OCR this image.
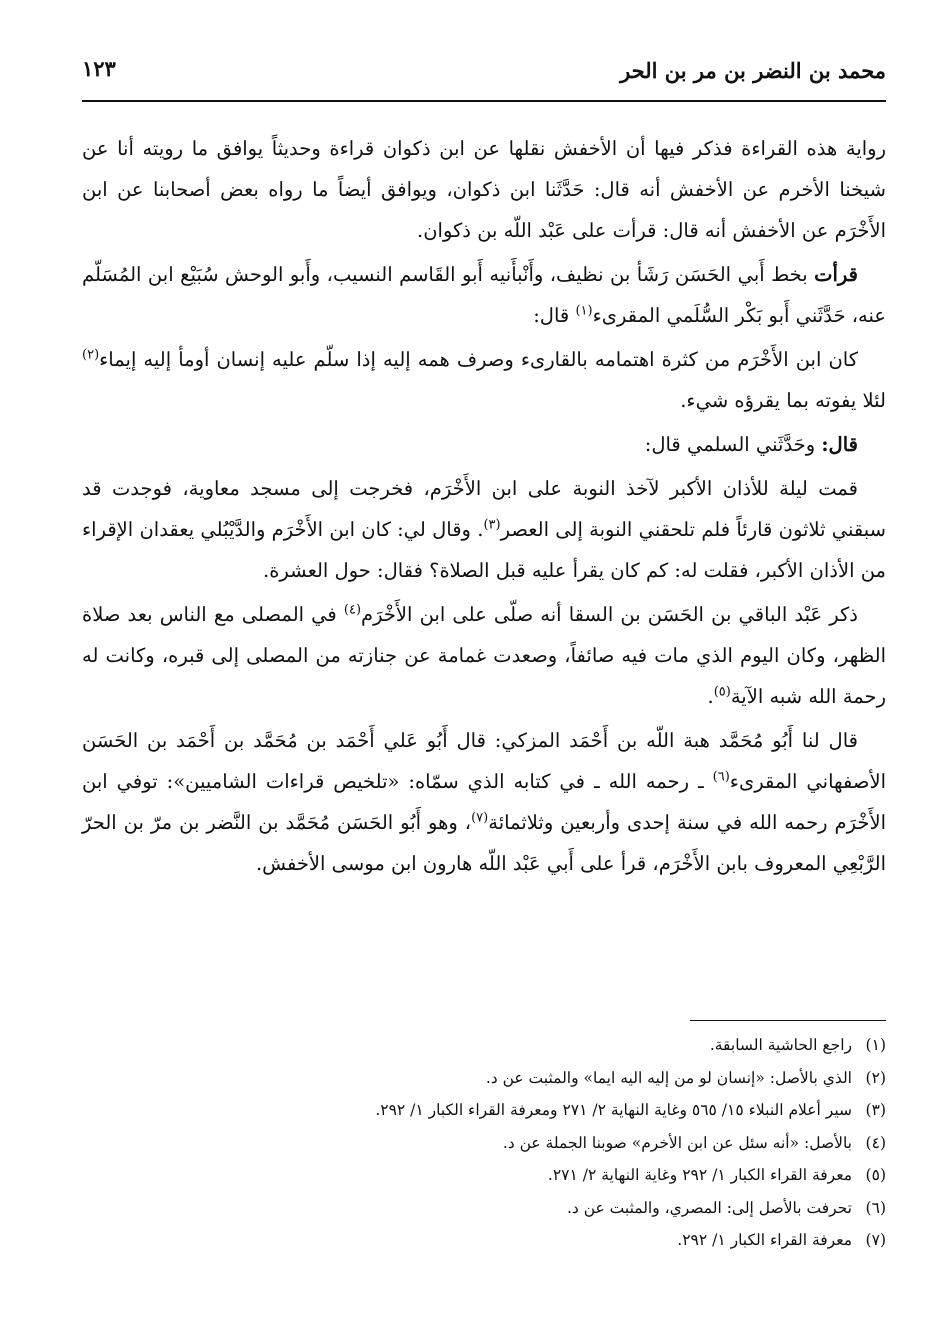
محمد بن النضر بن مر بن الحر
١٢٣

رواية هذه القراءة فذكر فيها أن الأخفش نقلها عن ابن ذكوان قراءة وحديثاً يوافق ما رويته أنا عن شيخنا الأخرم عن الأخفش أنه قال: حَدَّثَنا ابن ذكوان، ويوافق أيضاً ما رواه بعض أصحابنا عن ابن الأَخْرَم عن الأخفش أنه قال: قرأت على عَبْد اللّه بن ذكوان.

قرأت بخط أَبي الحَسَن رَشَأ بن نظيف، وأَنْبأَنيه أَبو القَاسم النسيب، وأَبو الوحش سُبَيْع ابن المُسَلّم عنه، حَدَّثَني أَبو بَكْر السُّلَمي المقرىء$^{(١)}$ قال:

كان ابن الأَخْرَم من كثرة اهتمامه بالقارىء وصرف همه إليه إذا سلّم عليه إنسان أومأ إليه إيماء$^{(٢)}$ لئلا يفوته بما يقرؤه شيء.

قال: وحَدَّثَني السلمي قال:

قمت ليلة للأذان الأكبر لآخذ النوبة على ابن الأَخْرَم، فخرجت إلى مسجد معاوية، فوجدت قد سبقني ثلاثون قارئاً فلم تلحقني النوبة إلى العصر$^{(٣)}$. وقال لي: كان ابن الأَخْرَم والدَّيْبُلي يعقدان الإقراء من الأذان الأكبر، فقلت له: كم كان يقرأ عليه قبل الصلاة؟ فقال: حول العشرة.

ذكر عَبْد الباقي بن الحَسَن بن السقا أنه صلّى على ابن الأَخْرَم$^{(٤)}$ في المصلى مع الناس بعد صلاة الظهر، وكان اليوم الذي مات فيه صائفاً، وصعدت غمامة عن جنازته من المصلى إلى قبره، وكانت له رحمة الله شبه الآية$^{(٥)}$.

قال لنا أَبُو مُحَمَّد هبة اللّه بن أَحْمَد المزكي: قال أَبُو عَلي أَحْمَد بن مُحَمَّد بن أَحْمَد بن الحَسَن الأصفهاني المقرىء$^{(٦)}$ ـ رحمه الله ـ في كتابه الذي سمّاه: «تلخيص قراءات الشاميين»: توفي ابن الأَخْرَم رحمه الله في سنة إحدى وأربعين وثلاثمائة$^{(٧)}$، وهو أَبُو الحَسَن مُحَمَّد بن النَّضر بن مرّ بن الحرّ الرَّبْعِي المعروف بابن الأَخْرَم، قرأ على أَبي عَبْد اللّه هارون ابن موسى الأخفش.

(١)راجع الحاشية السابقة.
(٢)الذي بالأصل: «إنسان لو من إليه اليه ايما» والمثبت عن د.
(٣)سير أعلام النبلاء ١٥/ ٥٦٥ وغاية النهاية ٢/ ٢٧١ ومعرفة القراء الكبار ١/ ٢٩٢.
(٤)بالأصل: «أنه سئل عن ابن الأخرم» صوبنا الجملة عن د.
(٥)معرفة القراء الكبار ١/ ٢٩٢ وغاية النهاية ٢/ ٢٧١.
(٦)تحرفت بالأصل إلى: المصري، والمثبت عن د.
(٧)معرفة القراء الكبار ١/ ٢٩٢.
